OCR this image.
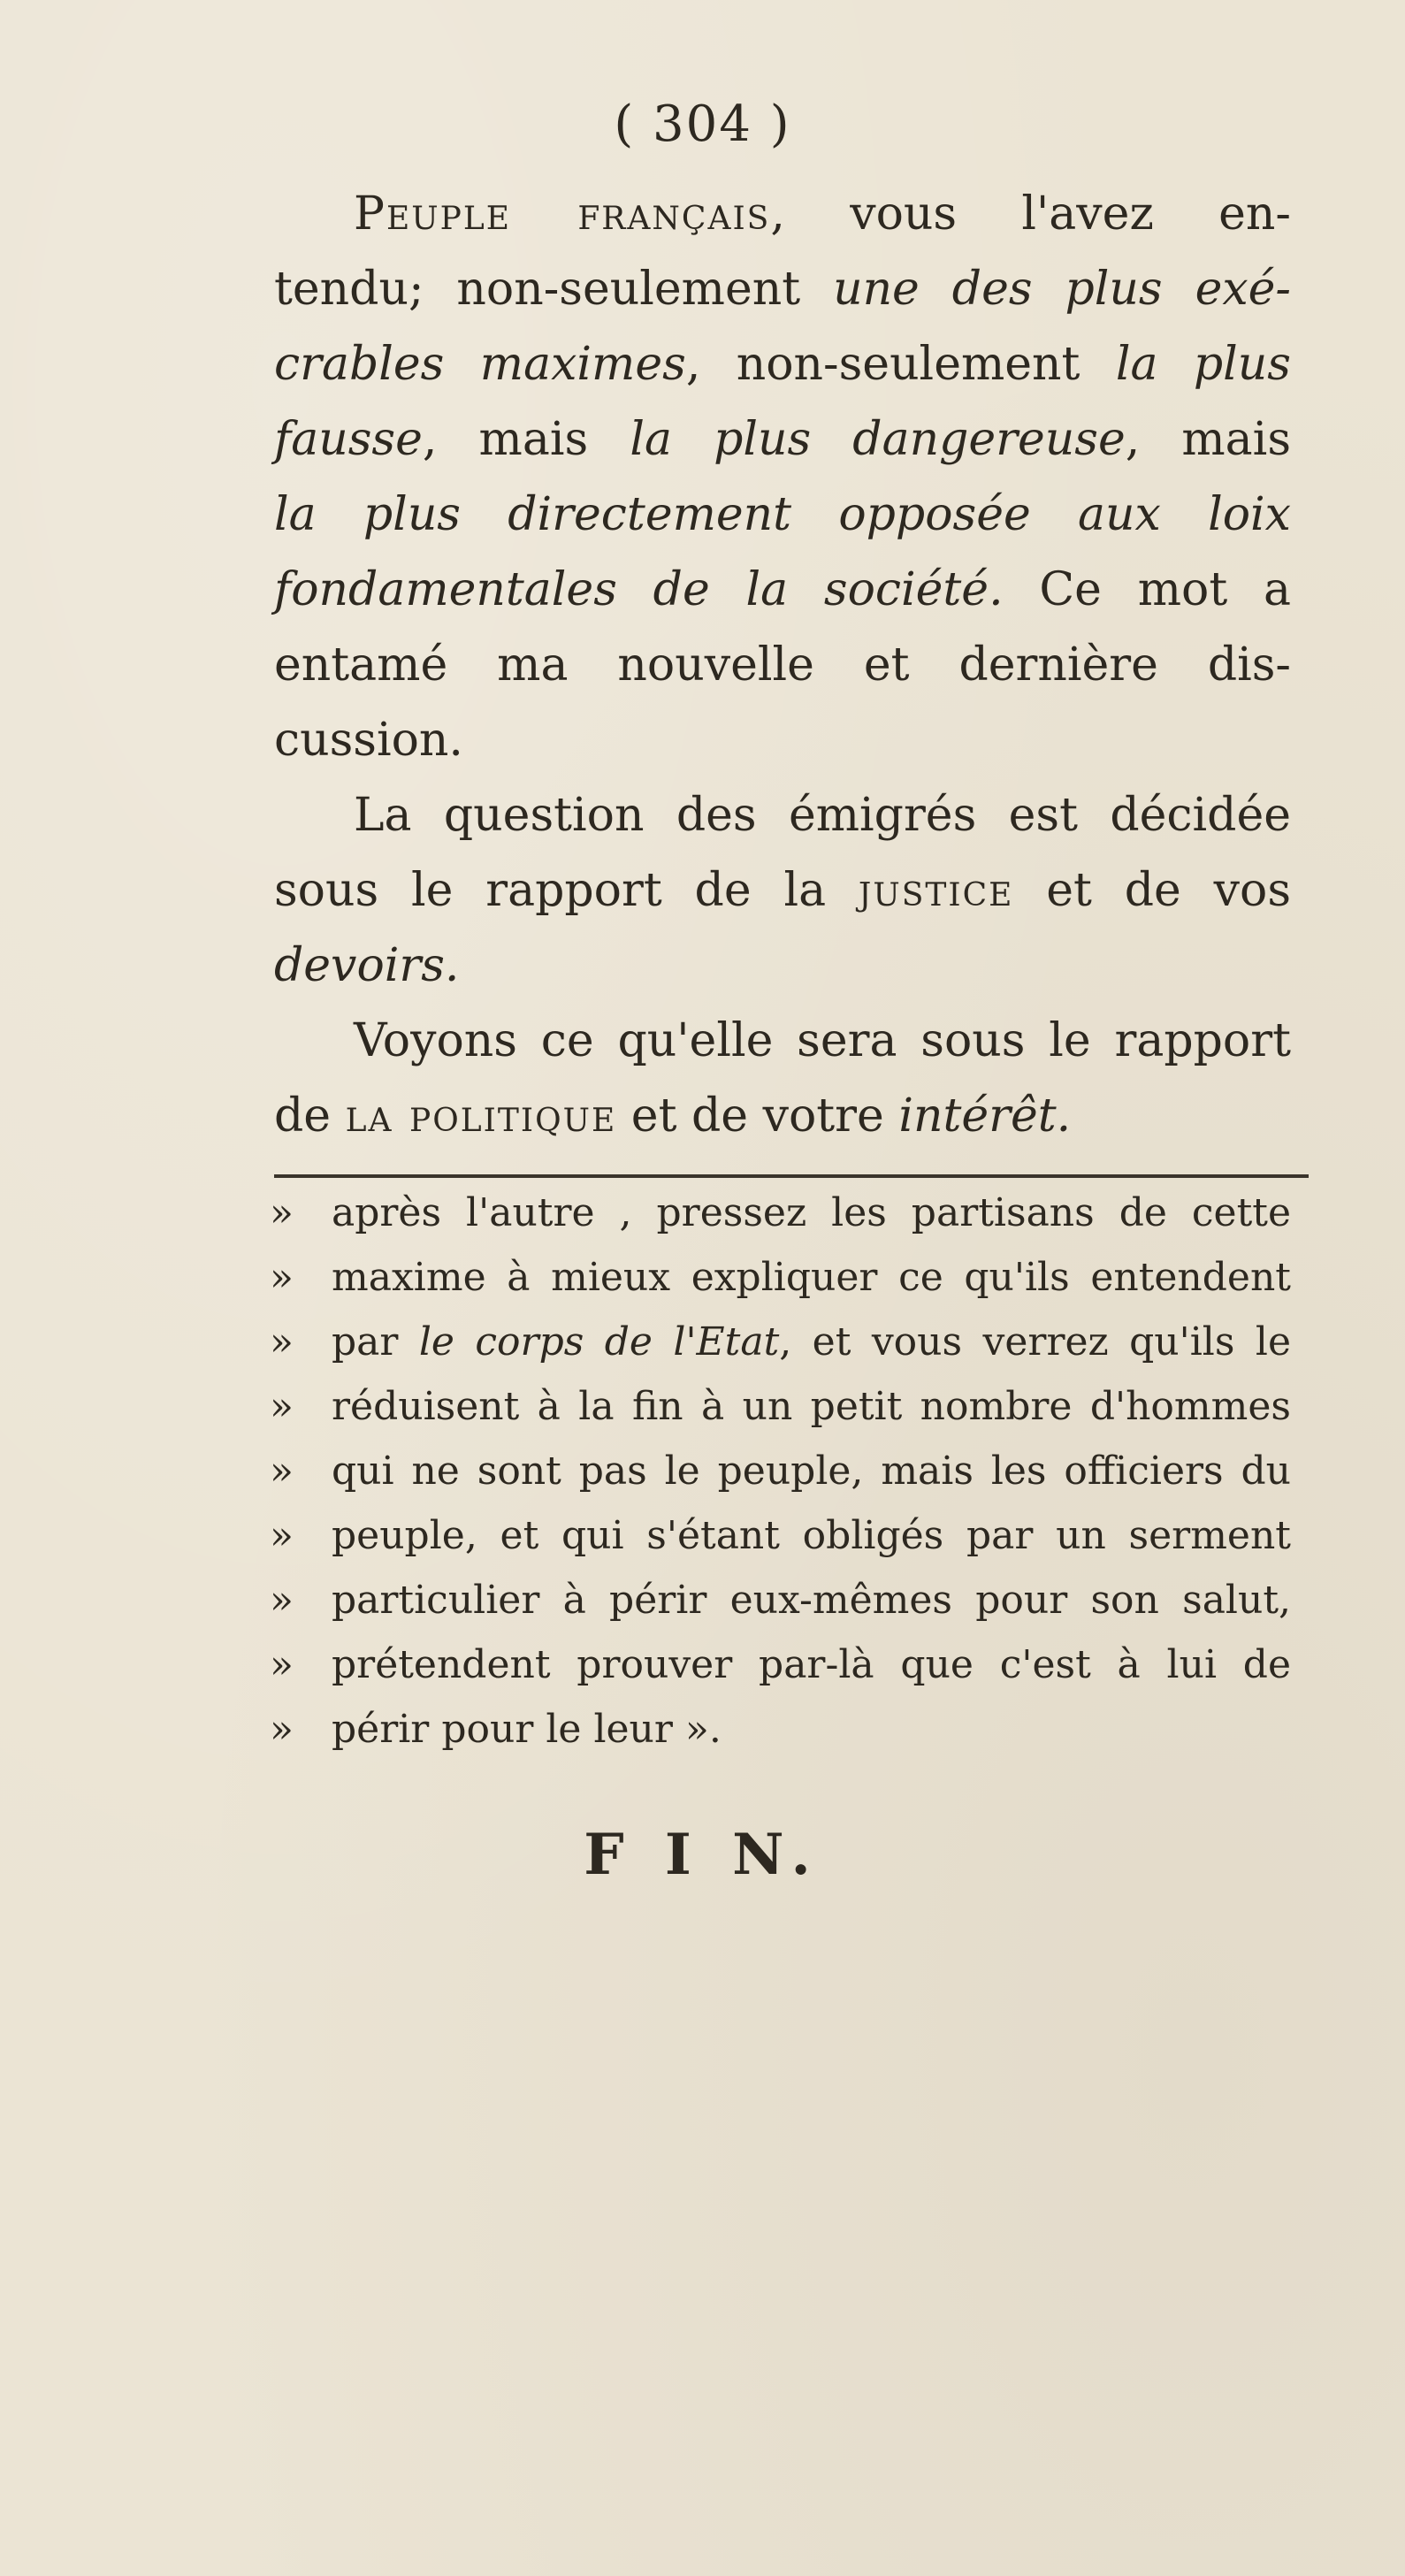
( 304 )
Peuple français, vous l'avez en-
tendu; non-seulement une des plus exé-
crables maximes, non-seulement la plus
fausse, mais la plus dangereuse, mais
la plus directement opposée aux loix
fondamentales de la société. Ce mot a
entamé ma nouvelle et dernière dis-
cussion.
La question des émigrés est décidée
sous le rapport de la justice et de vos
devoirs.
Voyons ce qu'elle sera sous le rapport
de la politique et de votre intérêt.
» après l'autre , pressez les partisans de cette
» maxime à mieux expliquer ce qu'ils entendent
» par le corps de l'Etat, et vous verrez qu'ils le
» réduisent à la fin à un petit nombre d'hommes
» qui ne sont pas le peuple, mais les officiers du
» peuple, et qui s'étant obligés par un serment
» particulier à périr eux-mêmes pour son salut,
» prétendent prouver par-là que c'est à lui de
» périr pour le leur ».
F I N.
